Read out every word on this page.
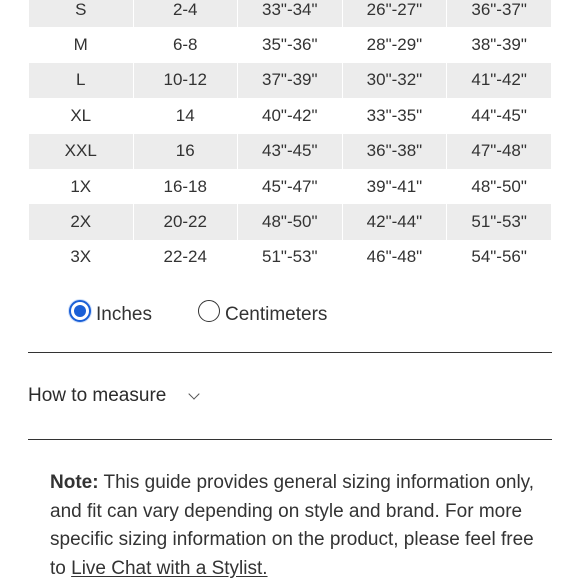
S	2-4	33"-34"	26"-27"	36"-37"
M	6-8	35"-36"	28"-29"	38"-39"
L	10-12	37"-39"	30"-32"	41"-42"
XL	14	40"-42"	33"-35"	44"-45"
XXL	16	43"-45"	36"-38"	47"-48"
1X	16-18	45"-47"	39"-41"	48"-50"
2X	20-22	48"-50"	42"-44"	51"-53"
3X	22-24	51"-53"	46"-48"	54"-56"
Inches	Centimeters
How to measure

Note: This guide provides general sizing information only, and fit can vary depending on style and brand. For more specific sizing information on the product, please feel free to Live Chat with a Stylist.
